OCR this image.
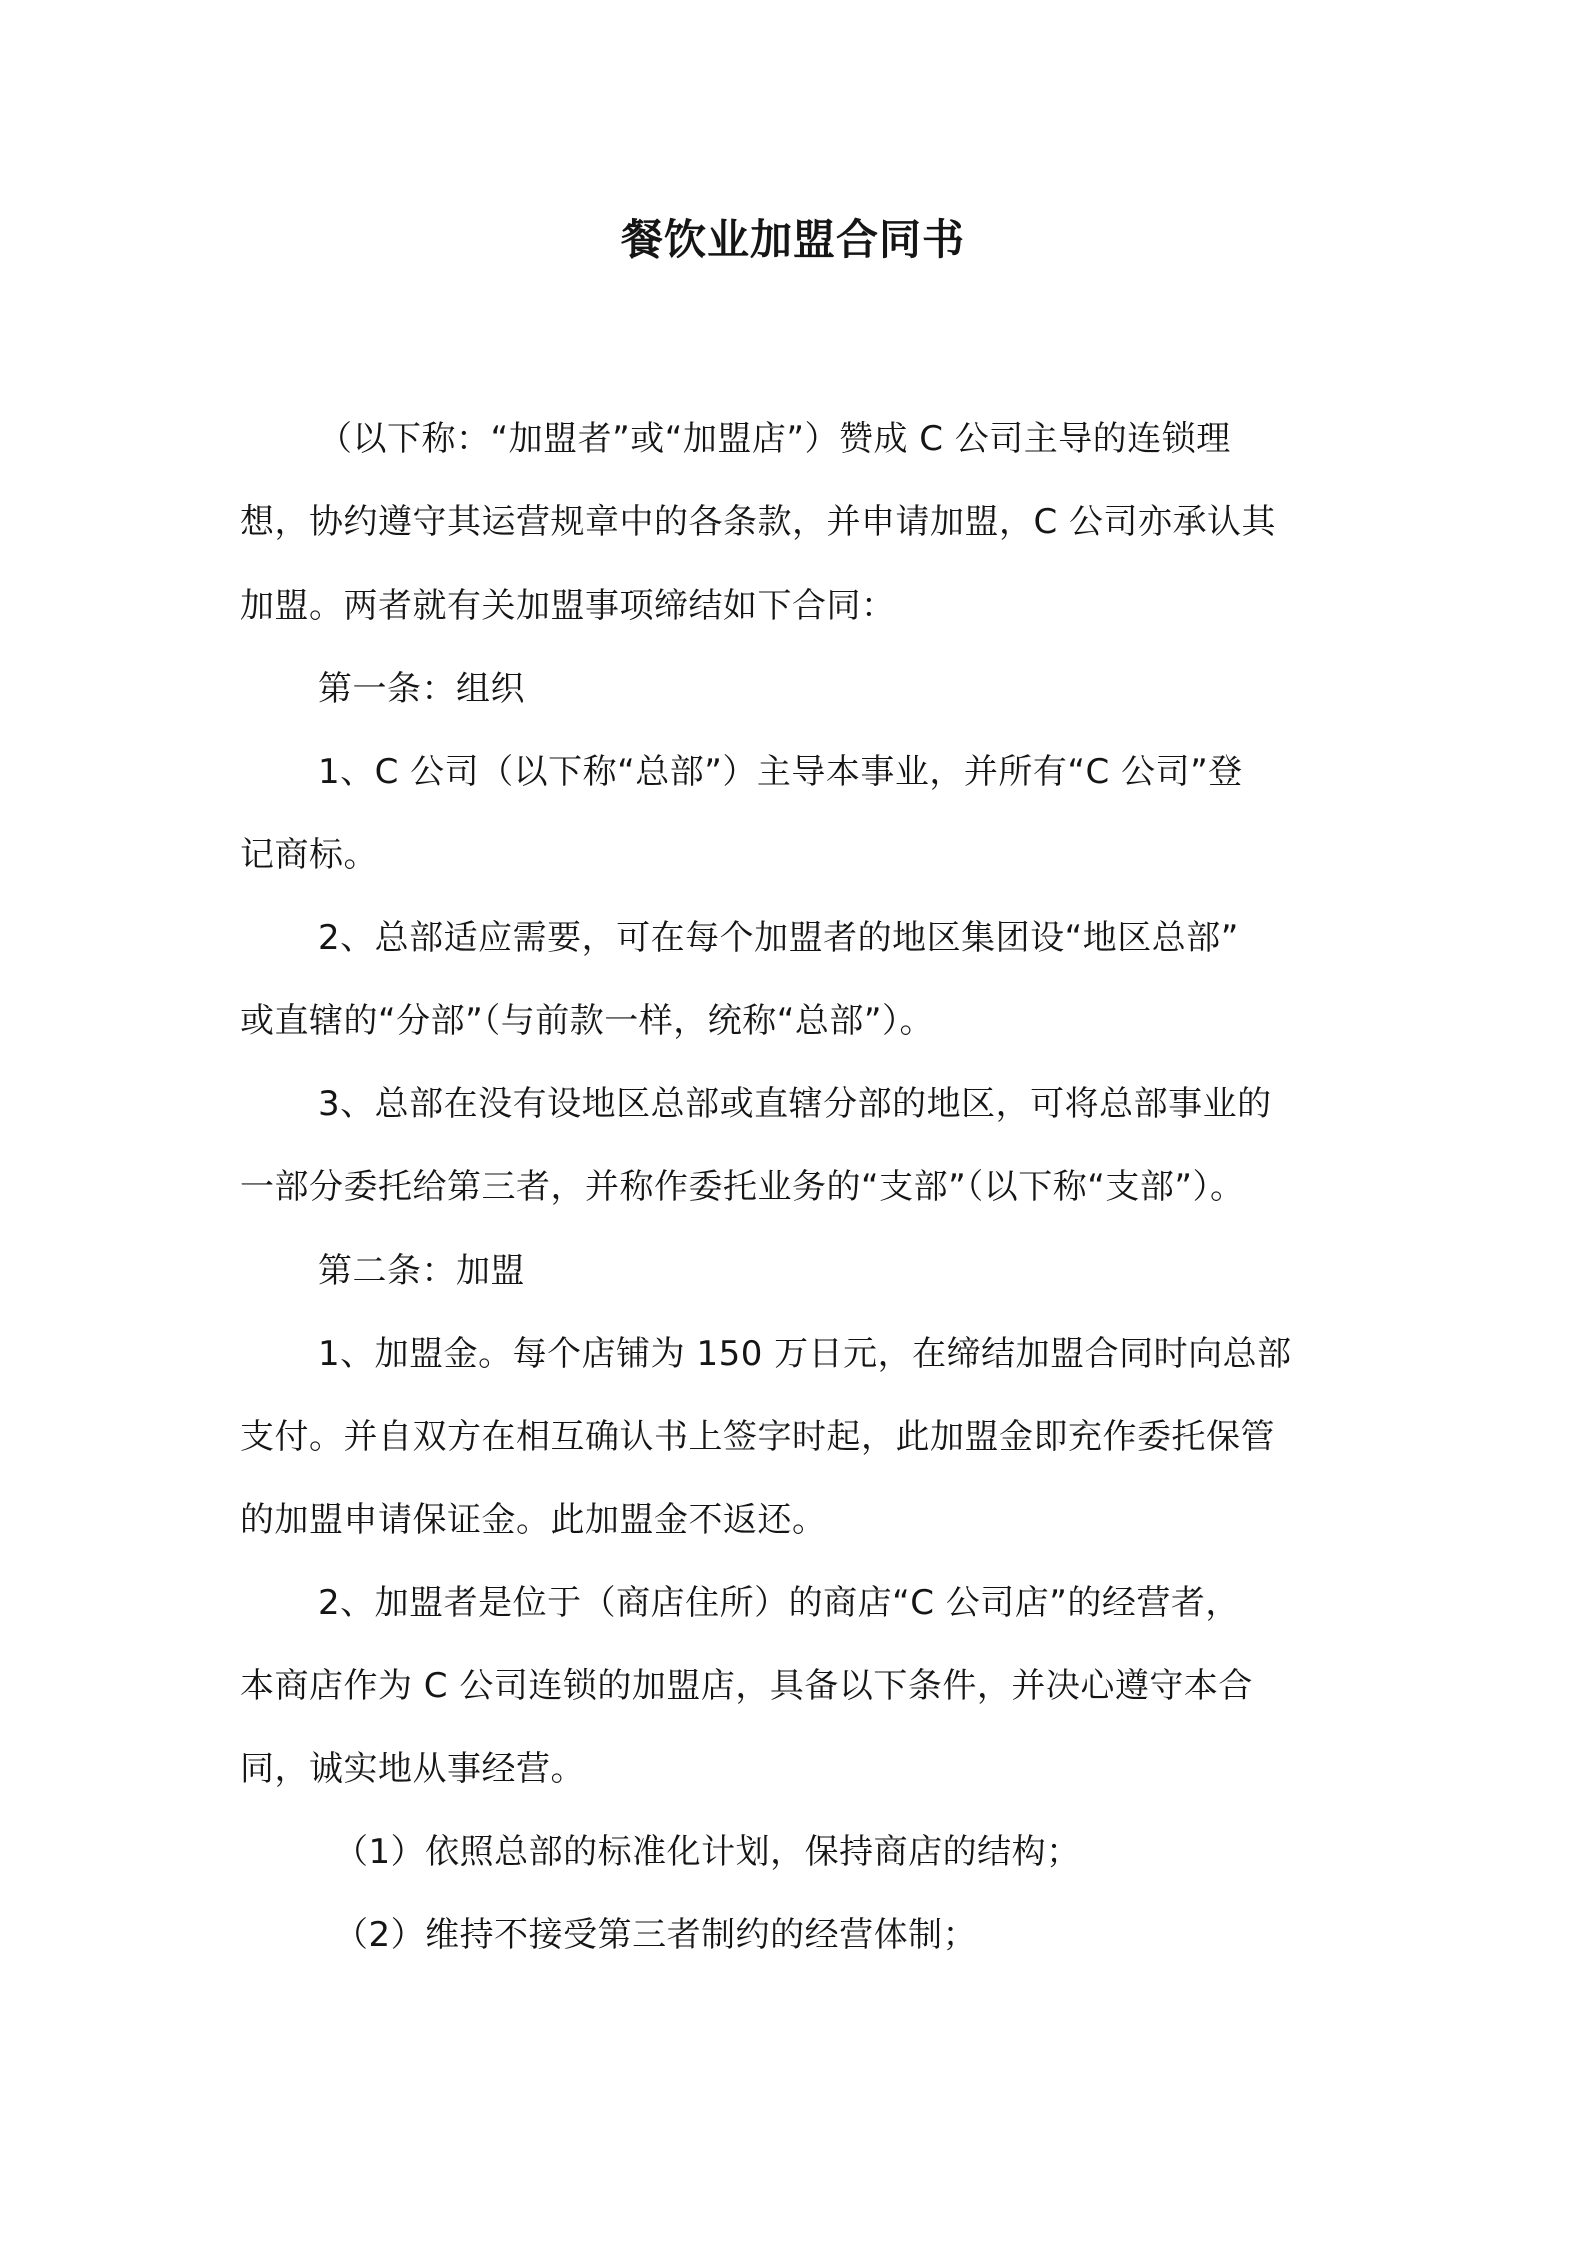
餐饮业加盟合同书
（以下称：“加盟者”或“加盟店”）赞成 C 公司主导的连锁理
想，协约遵守其运营规章中的各条款，并申请加盟，C 公司亦承认其
加盟。两者就有关加盟事项缔结如下合同：
第一条：组织
1、C 公司（以下称“总部”）主导本事业，并所有“C 公司”登
记商标。
2、总部适应需要，可在每个加盟者的地区集团设“地区总部”
或直辖的“分部”（与前款一样，统称“总部”）。
3、总部在没有设地区总部或直辖分部的地区，可将总部事业的
一部分委托给第三者，并称作委托业务的“支部”（以下称“支部”）。
第二条：加盟
1、加盟金。每个店铺为 150 万日元，在缔结加盟合同时向总部
支付。并自双方在相互确认书上签字时起，此加盟金即充作委托保管
的加盟申请保证金。此加盟金不返还。
2、加盟者是位于（商店住所）的商店“C 公司店”的经营者，
本商店作为 C 公司连锁的加盟店，具备以下条件，并决心遵守本合
同，诚实地从事经营。
（1）依照总部的标准化计划，保持商店的结构；
（2）维持不接受第三者制约的经营体制；
